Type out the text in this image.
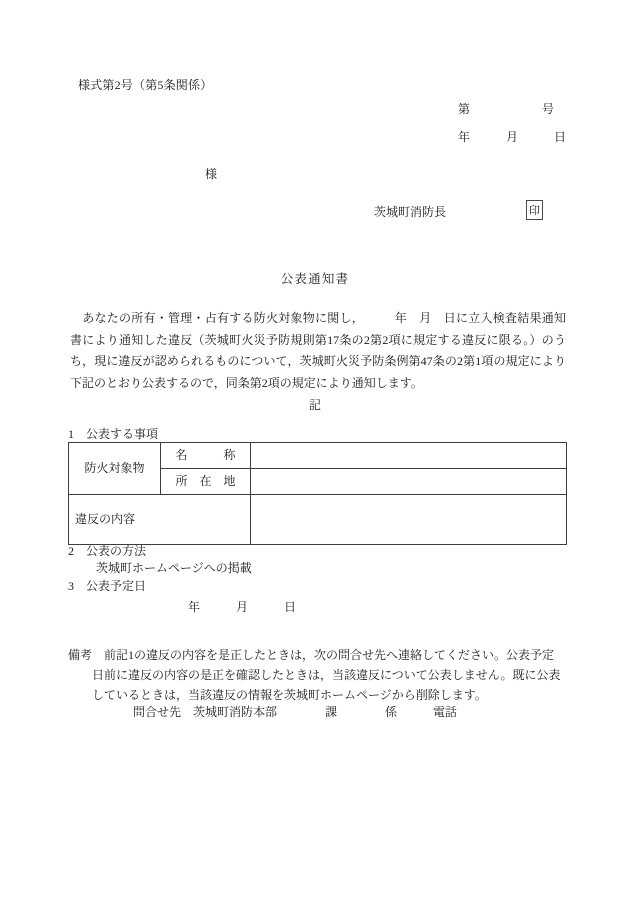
様式第2号（第5条関係）
第　　　　　　号
年　　　月　　　日
様
茨城町消防長	印
公表通知書

　あなたの所有・管理・占有する防火対象物に関し，　　　年　月　日に立入検査結果通知書により通知した違反（茨城町火災予防規則第17条の2第2項に規定する違反に限る。）のうち，現に違反が認められるものについて，茨城町火災予防条例第47条の2第1項の規定により下記のとおり公表するので，同条第2項の規定により通知します。

記
1　公表する事項
防火対象物	名　　　称	
	所　在　地	
違反の内容		
2　公表の方法
茨城町ホームページへの掲載
3　公表予定日
年　　　月　　　日

備考　前記1の違反の内容を是正したときは，次の問合せ先へ連絡してください。公表予定

日前に違反の内容の是正を確認したときは，当該違反について公表しません。既に公表

しているときは，当該違反の情報を茨城町ホームページから削除します。

問合せ先　茨城町消防本部　　　　課　　　　係　　　電話
